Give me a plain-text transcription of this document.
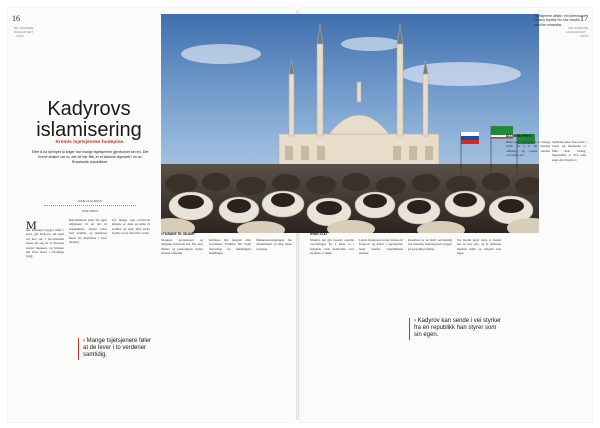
16	17
DE NORSKE MAGAZINET · 2023
DE NORSKE MAGAZINET · 2023
Tsjetsjenere deltar i ein seremoni i Grozny framfor ein stor moské med fire minaretar.
Kadyrovs
islamisering
Kremls tsjetsjenske hodepine.
Etter å ha kjempet to kriger har mange tsjetsjenere gjenfunnet sin tro. Det Kreml ønsket var ro; det de har fått, er et islamsk styresett i en av Russlands republikker.
ANNE LE HUÉROU
AMIE MEKIN
M

ens Russland bygger makt i nord, går Kadyrov sin egen vei mot sør. I hovedstaden reiser det seg en av Europas største moskeer, og kvinner må bære skaut i offentlige bygg.

Republikkens leder har gjort religionen til en del av statsmakten. Skoler lærer bort arabisk, og bønnerop høres fra høyttalere i hver landsby.

For mange som overlevde krigene er dette en kilde til stolthet og trøst, men andre frykter en ny autoritær orden.

› Mange tsjetsjenere føler at de lever i to verdener samtidig.
«TILBAKE TIL ISLAM»

Moskeer, koranskoler og religiøse festivaler har fått økte midler, og presteskapet støtter lederen offentlig.

Kritikere blir fengslet eller forsvinner. Familier blir holdt ansvarlige for slektningers handlinger.

Menneskerettsgrupper har dokumentert en lang rekke overgrep.

SVAK STAT

Moskva har gitt Grozny enorme overføringer for å sikre ro i regionen, men kontrollen over styrkene er uklar.

Lojale bataljoner svarer direkte til Kadyrov og deltar i operasjoner langt utenfor republikkens grenser.

Resultatet er en halvt selvstendig stat innenfor føderasjonen, bygget på personlig lojalitet.

For Kreml betyr dette at freden har en høy pris, og at balansen mellom makt og religion kan tippe.

› Kadyrov kan sende i vei styrker fra en republikk han styrer som sin egen.
ALLMENN FRYKT

Blant unge tsjetsjenere er mange redde for å si sin mening offentlig, og sosiale medier overvåkes tett.

Samtidig søker flere trøst i troen, og moskeene er fulle hver fredag. Spørsmålet er hva som skjer etter Kadyrov.
